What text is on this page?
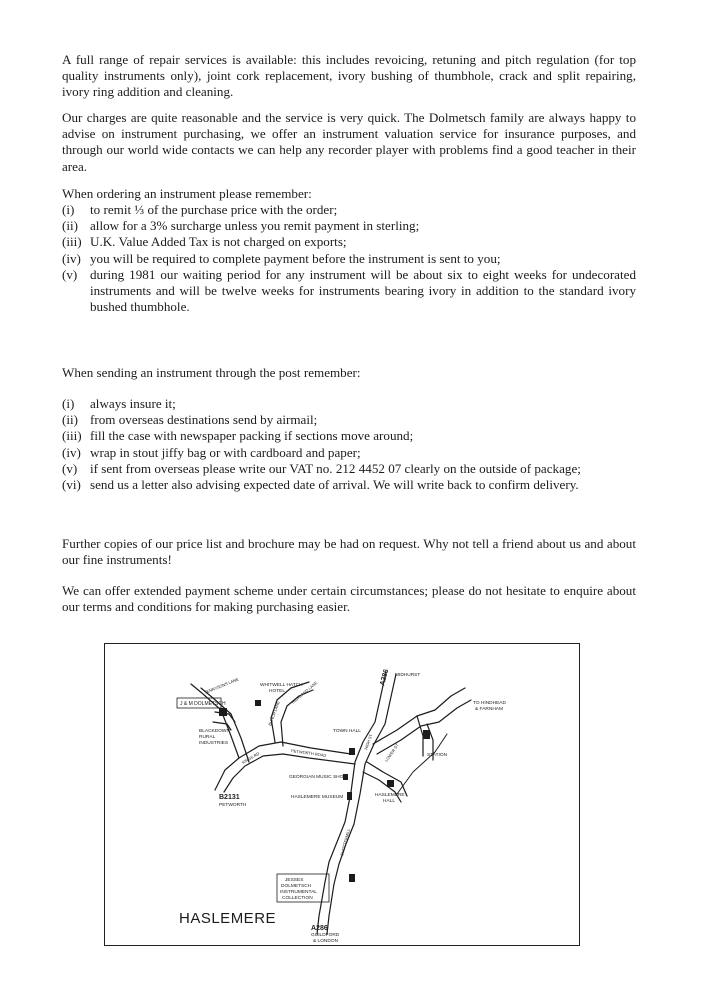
A full range of repair services is available: this includes revoicing, retuning and pitch regulation (for top quality instruments only), joint cork replacement, ivory bushing of thumbhole, crack and split repairing, ivory ring addition and cleaning.

Our charges are quite reasonable and the service is very quick. The Dolmetsch family are always happy to advise on instrument purchasing, we offer an instrument valuation service for insurance purposes, and through our world wide contacts we can help any recorder player with problems find a good teacher in their area.

When ordering an instrument please remember:

(i)	to remit ⅓ of the purchase price with the order;
(ii) allow for a 3% surcharge unless you remit payment in sterling;
(iii) U.K. Value Added Tax is not charged on exports;
(iv) you will be required to complete payment before the instrument is sent to you;
(v) during 1981 our waiting period for any instrument will be about six to eight weeks for undecorated instruments and will be twelve weeks for instruments bearing ivory in addition to the standard ivory bushed thumbhole.

When sending an instrument through the post remember:

(i)	always insure it;
(ii) from overseas destinations send by airmail;
(iii) fill the case with newspaper packing if sections move around;
(iv) wrap in stout jiffy bag or with cardboard and paper;
(v) if sent from overseas please write our VAT no. 212 4452 07 clearly on the outside of package;
(vi) send us a letter also advising expected date of arrival. We will write back to confirm delivery.

Further copies of our price list and brochure may be had on request. Why not tell a friend about us and about our fine instruments!

We can offer extended payment scheme under certain circumstances; please do not hesitate to enquire about our terms and conditions for making purchasing easier.

WHITWELL HATCH
HOTEL
J & M DOLMETSCH
BLACKDOWN
RURAL
INDUSTRIES
TENNYSONS LANE	HIGHLAND LANE
BUNCH LANE
KINGS RD	PETWORTH ROAD
A286 MIDHURST
TO HINDHEAD
& FARNHAM
TOWN HALL
LOWER ST	STATION
GEORGIAN MUSIC SHOP
HASLEMERE MUSEUM	HASLEMERE
HALL
B2131
PETWORTH
HIGH ST
SHOTTERMILL
JESSES
DOLMETSCH
INSTRUMENTAL
COLLECTION
A286
GUILDFORD
& LONDON
HASLEMERE
